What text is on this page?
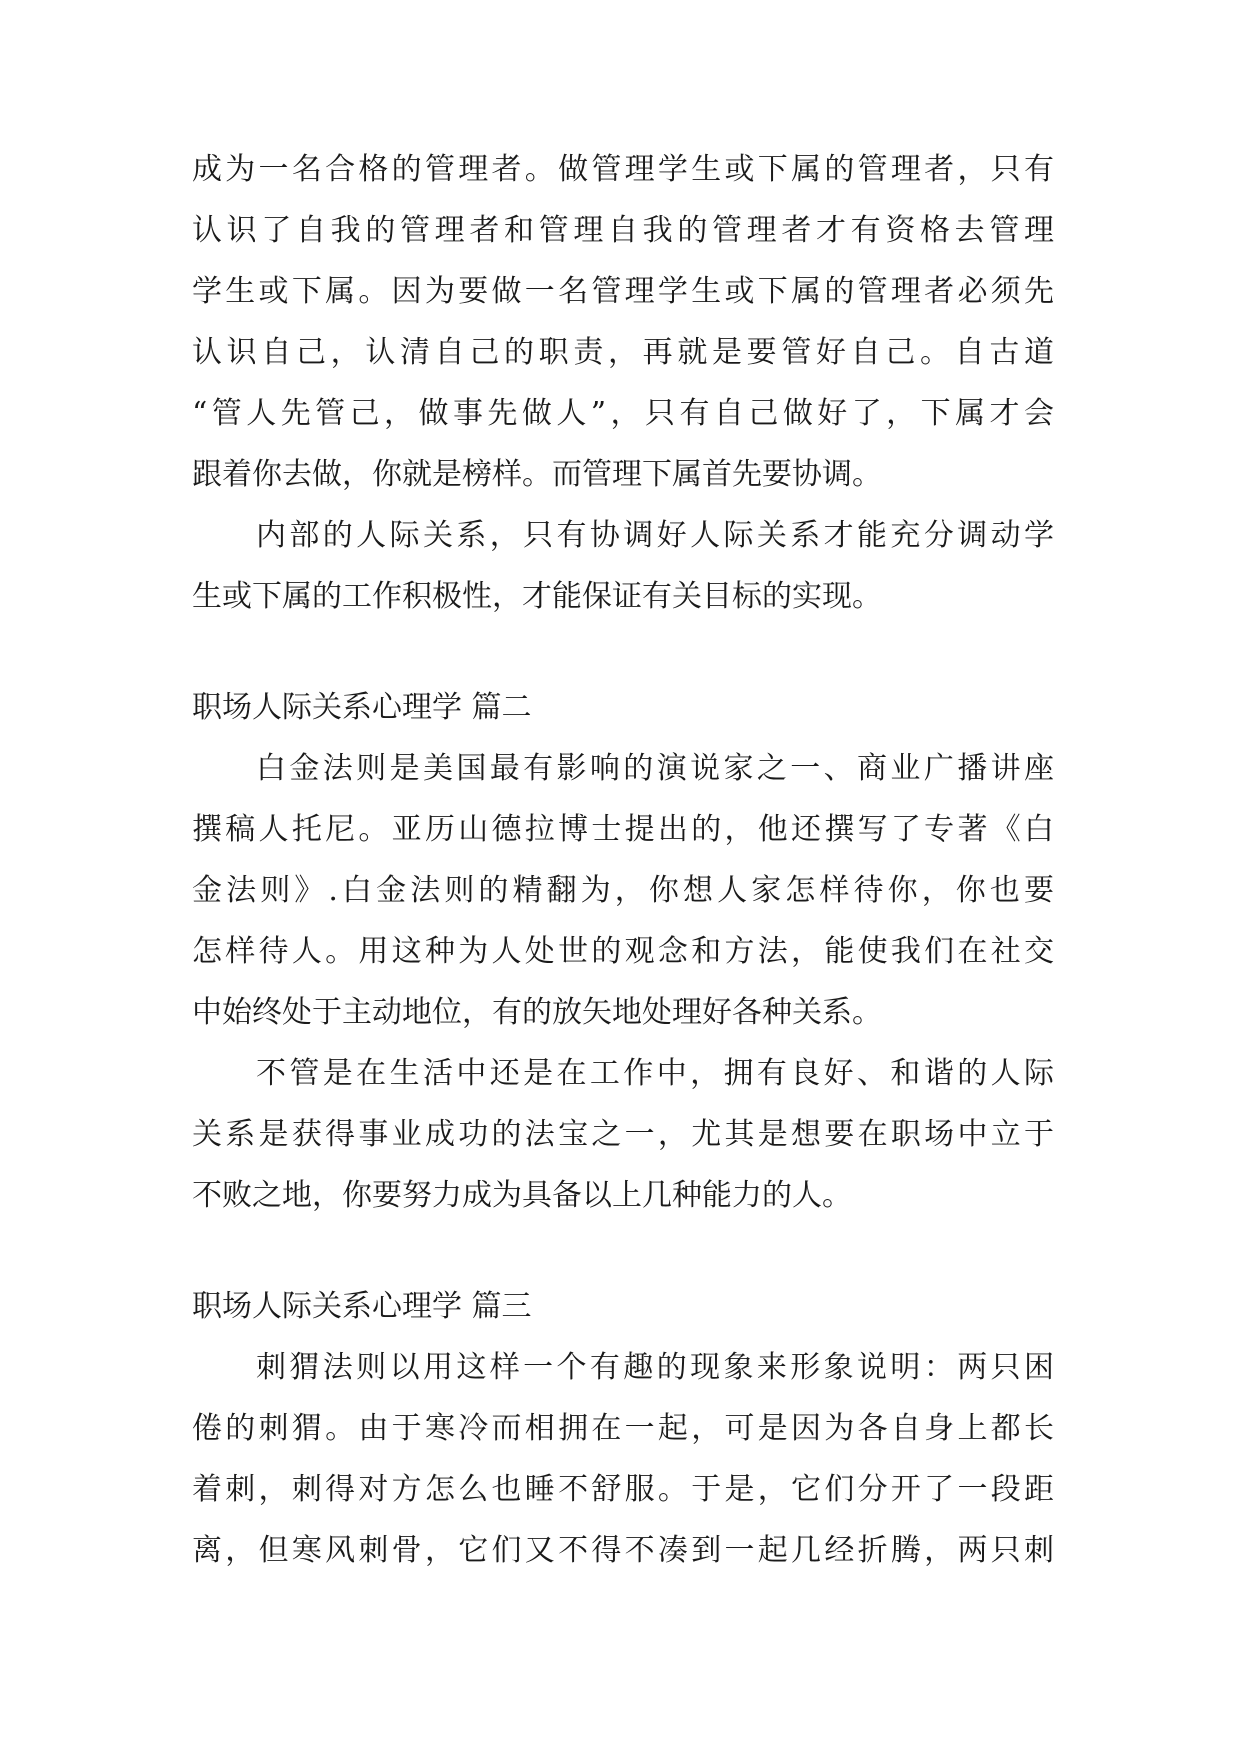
成为一名合格的管理者。做管理学生或下属的管理者，只有
认识了自我的管理者和管理自我的管理者才有资格去管理
学生或下属。因为要做一名管理学生或下属的管理者必须先
认识自己，认清自己的职责，再就是要管好自己。自古道
“管人先管己，做事先做人”，只有自己做好了，下属才会
跟着你去做，你就是榜样。而管理下属首先要协调。
内部的人际关系，只有协调好人际关系才能充分调动学
生或下属的工作积极性，才能保证有关目标的实现。
职场人际关系心理学 篇二
白金法则是美国最有影响的演说家之一、商业广播讲座
撰稿人托尼。亚历山德拉博士提出的，他还撰写了专著《白
金法则》.白金法则的精翻为，你想人家怎样待你，你也要
怎样待人。用这种为人处世的观念和方法，能使我们在社交
中始终处于主动地位，有的放矢地处理好各种关系。
不管是在生活中还是在工作中，拥有良好、和谐的人际
关系是获得事业成功的法宝之一，尤其是想要在职场中立于
不败之地，你要努力成为具备以上几种能力的人。
职场人际关系心理学 篇三
刺猬法则以用这样一个有趣的现象来形象说明：两只困
倦的刺猬。由于寒冷而相拥在一起，可是因为各自身上都长
着刺，刺得对方怎么也睡不舒服。于是，它们分开了一段距
离，但寒风刺骨，它们又不得不凑到一起几经折腾，两只刺
